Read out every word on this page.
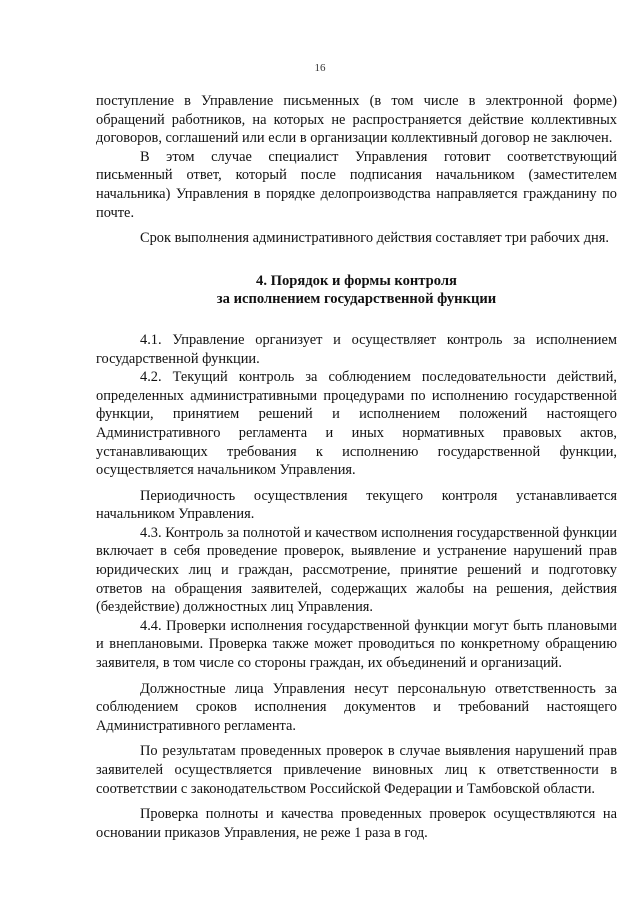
16

поступление в Управление письменных (в том числе в электронной форме) обращений работников, на которых не распространяется действие коллективных договоров, соглашений или если в организации коллективный договор не заключен.

В этом случае специалист Управления готовит соответствующий письменный ответ, который после подписания начальником (заместителем начальника) Управления в порядке делопроизводства направляется гражданину по почте.

Срок выполнения административного действия составляет три рабочих дня.

4. Порядок и формы контроля
за исполнением государственной функции

4.1. Управление организует и осуществляет контроль за исполнением государственной функции.

4.2. Текущий контроль за соблюдением последовательности действий, определенных административными процедурами по исполнению государственной функции, принятием решений и исполнением положений настоящего Административного регламента и иных нормативных правовых актов, устанавливающих требования к исполнению государственной функции, осуществляется начальником Управления.

Периодичность осуществления текущего контроля устанавливается начальником Управления.

4.3. Контроль за полнотой и качеством исполнения государственной функции включает в себя проведение проверок, выявление и устранение нарушений прав юридических лиц и граждан, рассмотрение, принятие решений и подготовку ответов на обращения заявителей, содержащих жалобы на решения, действия (бездействие) должностных лиц Управления.

4.4. Проверки исполнения государственной функции могут быть плановыми и внеплановыми. Проверка также может проводиться по конкретному обращению заявителя, в том числе со стороны граждан, их объединений и организаций.

Должностные лица Управления несут персональную ответственность за соблюдением сроков исполнения документов и требований настоящего Административного регламента.

По результатам проведенных проверок в случае выявления нарушений прав заявителей осуществляется привлечение виновных лиц к ответственности в соответствии с законодательством Российской Федерации и Тамбовской области.

Проверка полноты и качества проведенных проверок осуществляются на основании приказов Управления, не реже 1 раза в год.
